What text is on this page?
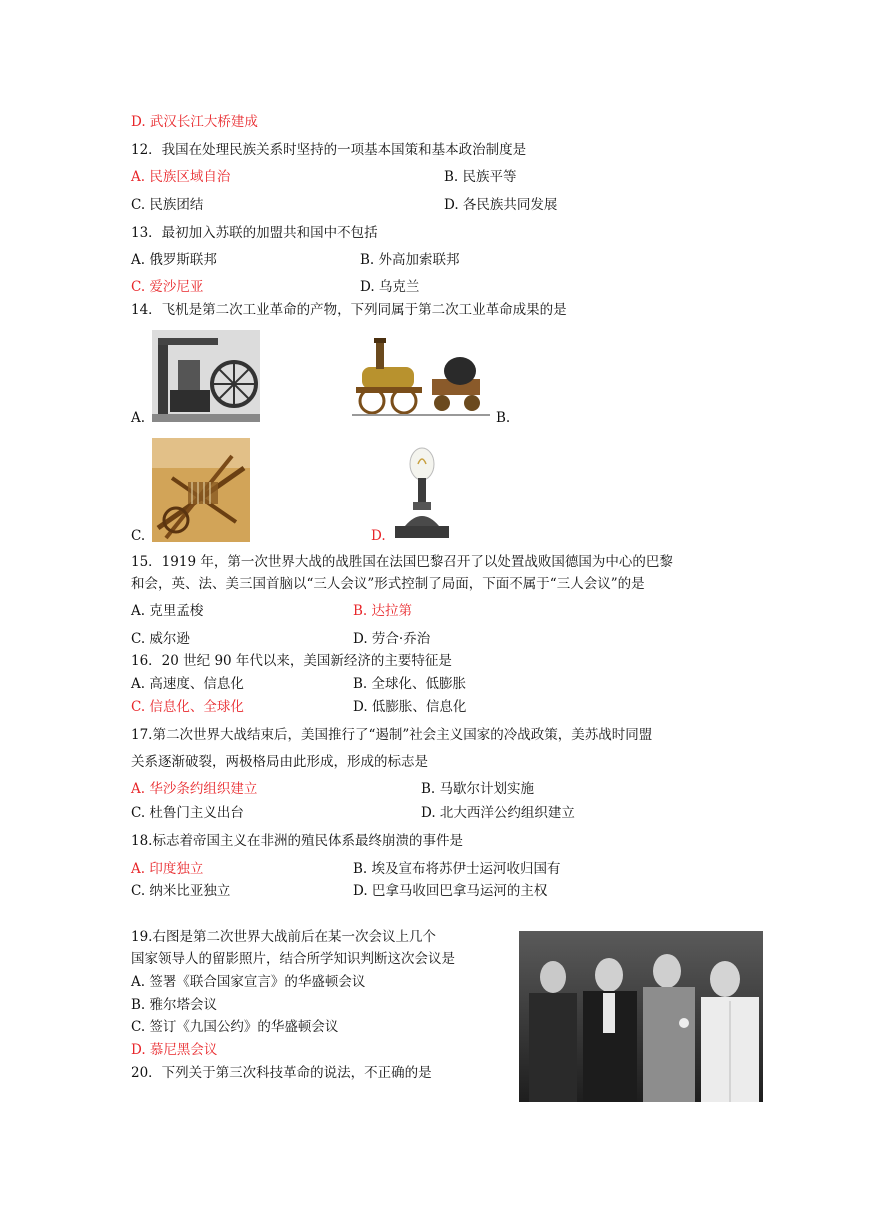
D. 武汉长江大桥建成
12．我国在处理民族关系时坚持的一项基本国策和基本政治制度是
A. 民族区域自治	B. 民族平等
C. 民族团结	D. 各民族共同发展
13．最初加入苏联的加盟共和国中不包括
A. 俄罗斯联邦	B. 外高加索联邦
C. 爱沙尼亚	D. 乌克兰
14．飞机是第二次工业革命的产物，下列同属于第二次工业革命成果的是
A.	B.
C.	D.
15．1919 年，第一次世界大战的战胜国在法国巴黎召开了以处置战败国德国为中心的巴黎
和会，英、法、美三国首脑以“三人会议”形式控制了局面，下面不属于“三人会议”的是
A. 克里孟梭	B. 达拉第
C. 威尔逊	D. 劳合·乔治
16．20 世纪 90 年代以来，美国新经济的主要特征是
A. 高速度、信息化	B. 全球化、低膨胀
C. 信息化、全球化	D. 低膨胀、信息化
17.第二次世界大战结束后，美国推行了“遏制”社会主义国家的冷战政策，美苏战时同盟
关系逐渐破裂，两极格局由此形成，形成的标志是
A. 华沙条约组织建立	B. 马歇尔计划实施
C. 杜鲁门主义出台	D. 北大西洋公约组织建立
18.标志着帝国主义在非洲的殖民体系最终崩溃的事件是
A. 印度独立	B. 埃及宣布将苏伊士运河收归国有
C. 纳米比亚独立	D. 巴拿马收回巴拿马运河的主权
19.右图是第二次世界大战前后在某一次会议上几个
国家领导人的留影照片，结合所学知识判断这次会议是
A. 签署《联合国家宣言》的华盛顿会议
B. 雅尔塔会议
C. 签订《九国公约》的华盛顿会议
D. 慕尼黑会议
20．下列关于第三次科技革命的说法，不正确的是
